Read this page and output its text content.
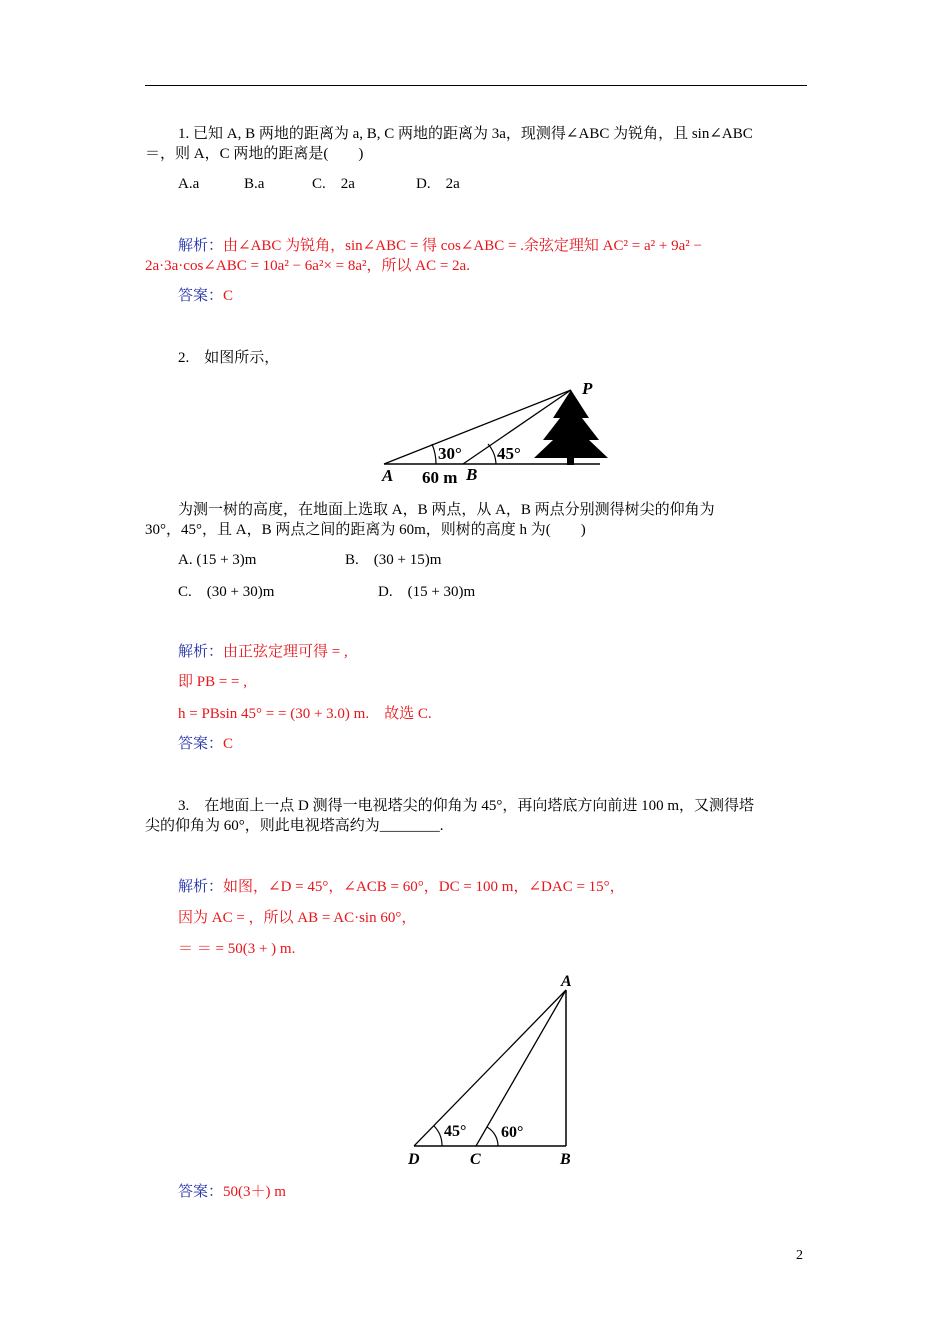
1. 已知 A, B 两地的距离为 a, B, C 两地的距离为 3a，现测得∠ABC 为锐角，且 sin∠ABC
＝，则 A，C 两地的距离是(　　)
A.a	B.a	C.　2a	D.　2a
解析：由∠ABC 为锐角，sin∠ABC = 得 cos∠ABC = .余弦定理知 AC² = a² + 9a² −
2a·3a·cos∠ABC = 10a² − 6a²× = 8a²，所以 AC = 2a.
答案：C
2.　如图所示，
P
A	B
30° 45°
60 m
为测一树的高度，在地面上选取 A，B 两点，从 A，B 两点分别测得树尖的仰角为
30°，45°，且 A，B 两点之间的距离为 60m，则树的高度 h 为(　　)
A. (15 + 3)m	B.　(30 + 15)m
C.　(30 + 30)m	D.　(15 + 30)m
解析：由正弦定理可得 = ,
即 PB = = ,
h = PBsin 45° = = (30 + 3.0) m.　故选 C.
答案：C
3.　在地面上一点 D 测得一电视塔尖的仰角为 45°，再向塔底方向前进 100 m，又测得塔
尖的仰角为 60°，则此电视塔高约为________.
解析：如图，∠D = 45°，∠ACB = 60°，DC = 100 m，∠DAC = 15°，
因为 AC = ，所以 AB = AC·sin 60°，
＝ ＝ = 50(3 + ) m.
A
D	C	B
45° 60°
答案：50(3＋) m
2
